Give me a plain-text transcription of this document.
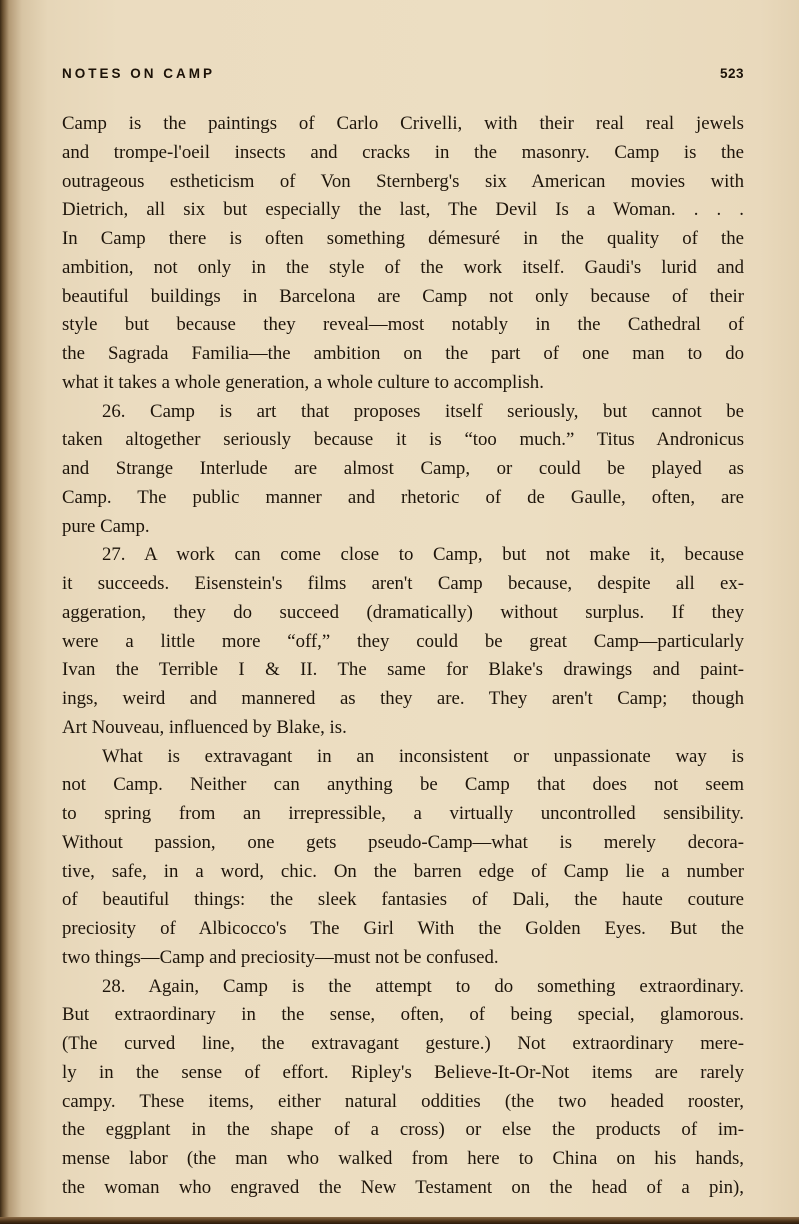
NOTES ON CAMP	523
Camp is the paintings of Carlo Crivelli, with their real real jewels
and trompe-l'oeil insects and cracks in the masonry. Camp is the
outrageous estheticism of Von Sternberg's six American movies with
Dietrich, all six but especially the last, The Devil Is a Woman. . . .
In Camp there is often something démesuré in the quality of the
ambition, not only in the style of the work itself. Gaudi's lurid and
beautiful buildings in Barcelona are Camp not only because of their
style but because they reveal—most notably in the Cathedral of
the Sagrada Familia—the ambition on the part of one man to do
what it takes a whole generation, a whole culture to accomplish.
26. Camp is art that proposes itself seriously, but cannot be
taken altogether seriously because it is “too much.” Titus Andronicus
and Strange Interlude are almost Camp, or could be played as
Camp. The public manner and rhetoric of de Gaulle, often, are
pure Camp.
27. A work can come close to Camp, but not make it, because
it succeeds. Eisenstein's films aren't Camp because, despite all ex-
aggeration, they do succeed (dramatically) without surplus. If they
were a little more “off,” they could be great Camp—particularly
Ivan the Terrible I & II. The same for Blake's drawings and paint-
ings, weird and mannered as they are. They aren't Camp; though
Art Nouveau, influenced by Blake, is.
What is extravagant in an inconsistent or unpassionate way is
not Camp. Neither can anything be Camp that does not seem
to spring from an irrepressible, a virtually uncontrolled sensibility.
Without passion, one gets pseudo-Camp—what is merely decora-
tive, safe, in a word, chic. On the barren edge of Camp lie a number
of beautiful things: the sleek fantasies of Dali, the haute couture
preciosity of Albicocco's The Girl With the Golden Eyes. But the
two things—Camp and preciosity—must not be confused.
28. Again, Camp is the attempt to do something extraordinary.
But extraordinary in the sense, often, of being special, glamorous.
(The curved line, the extravagant gesture.) Not extraordinary mere-
ly in the sense of effort. Ripley's Believe-It-Or-Not items are rarely
campy. These items, either natural oddities (the two headed rooster,
the eggplant in the shape of a cross) or else the products of im-
mense labor (the man who walked from here to China on his hands,
the woman who engraved the New Testament on the head of a pin),
